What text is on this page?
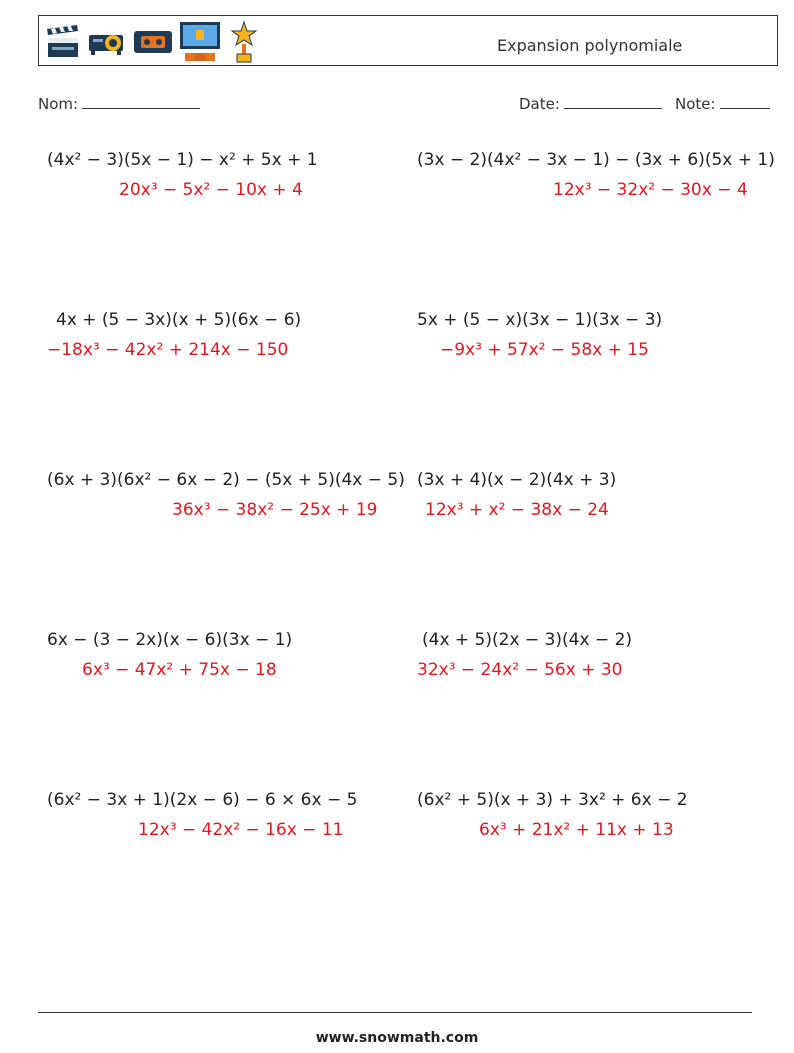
Expansion polynomiale
Nom:	Date:	Note:
(4x² − 3)(5x − 1) − x² + 5x + 1
20x³ − 5x² − 10x + 4
(3x − 2)(4x² − 3x − 1) − (3x + 6)(5x + 1)
12x³ − 32x² − 30x − 4
4x + (5 − 3x)(x + 5)(6x − 6)
−18x³ − 42x² + 214x − 150
5x + (5 − x)(3x − 1)(3x − 3)
−9x³ + 57x² − 58x + 15
(6x + 3)(6x² − 6x − 2) − (5x + 5)(4x − 5)
36x³ − 38x² − 25x + 19
(3x + 4)(x − 2)(4x + 3)
12x³ + x² − 38x − 24
6x − (3 − 2x)(x − 6)(3x − 1)
6x³ − 47x² + 75x − 18
(4x + 5)(2x − 3)(4x − 2)
32x³ − 24x² − 56x + 30
(6x² − 3x + 1)(2x − 6) − 6 × 6x − 5
12x³ − 42x² − 16x − 11
(6x² + 5)(x + 3) + 3x² + 6x − 2
6x³ + 21x² + 11x + 13
www.snowmath.com
